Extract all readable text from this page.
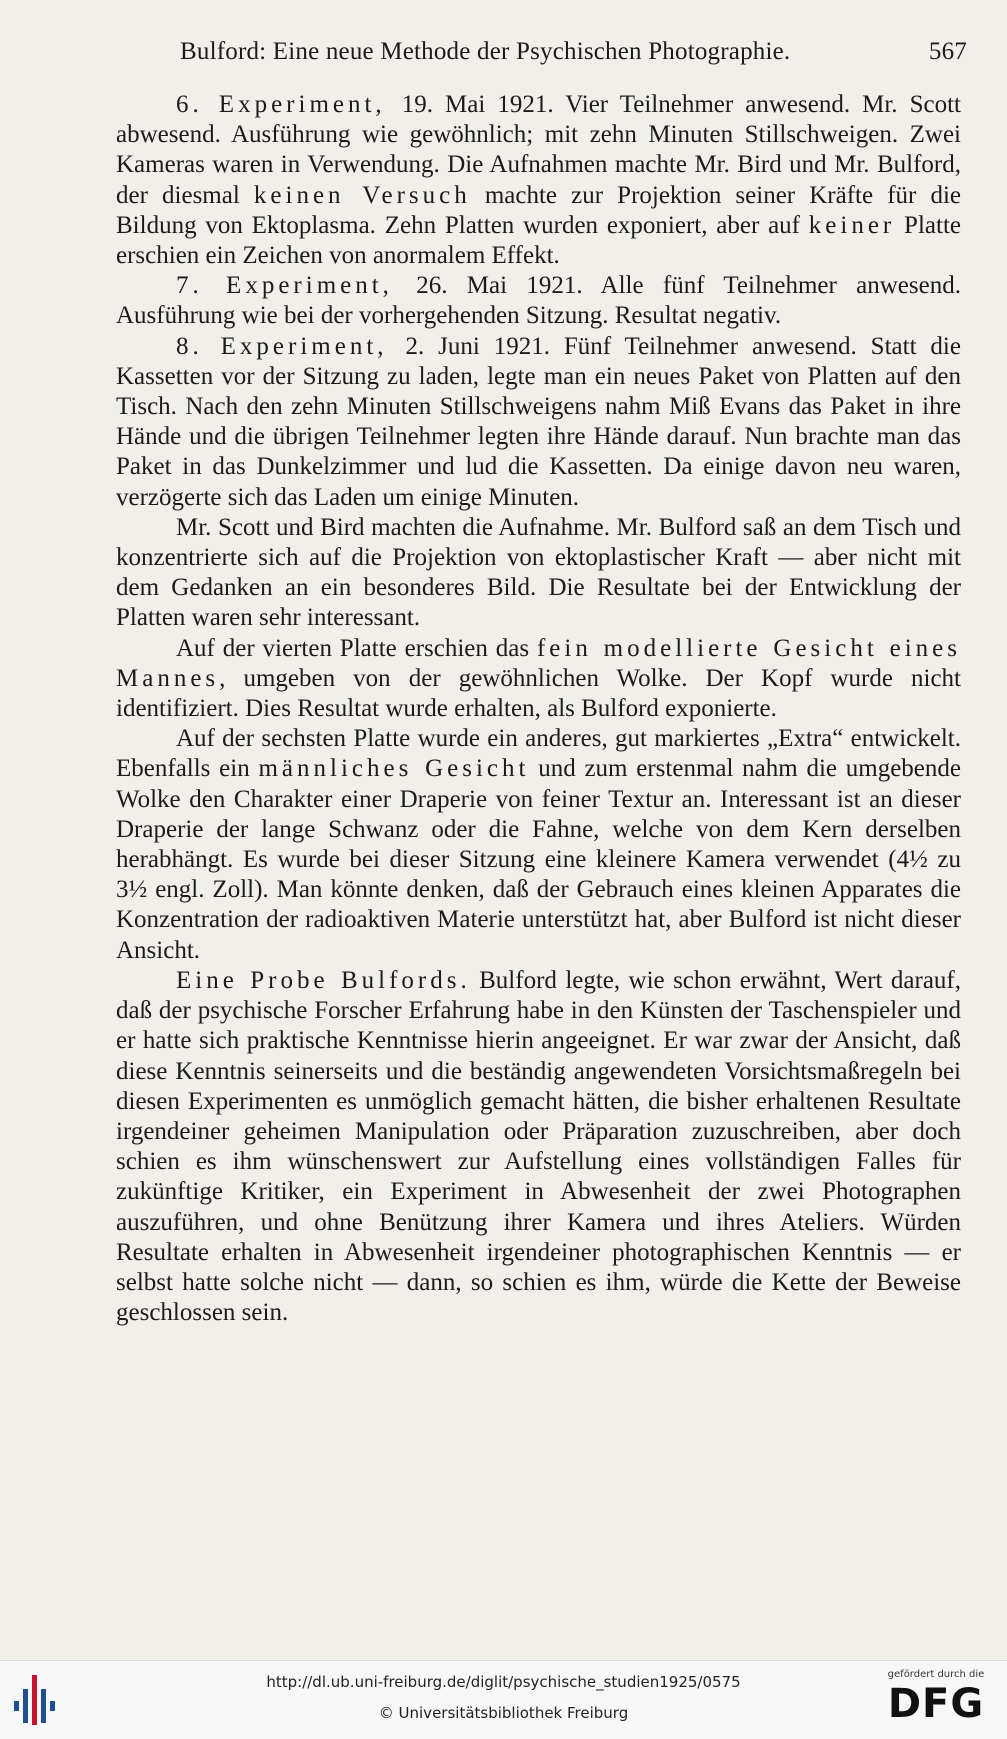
Bulford: Eine neue Methode der Psychischen Photographie.	567

6. Experiment, 19. Mai 1921. Vier Teilnehmer anwesend. Mr. Scott abwesend. Ausführung wie gewöhnlich; mit zehn Minuten Stillschweigen. Zwei Kameras waren in Verwendung. Die Aufnahmen machte Mr. Bird und Mr. Bulford, der diesmal keinen Versuch machte zur Projektion seiner Kräfte für die Bildung von Ektoplasma. Zehn Platten wurden exponiert, aber auf keiner Platte erschien ein Zeichen von anormalem Effekt.

7. Experiment, 26. Mai 1921. Alle fünf Teilnehmer anwesend. Ausführung wie bei der vorhergehenden Sitzung. Resultat negativ.

8. Experiment, 2. Juni 1921. Fünf Teilnehmer anwesend. Statt die Kassetten vor der Sitzung zu laden, legte man ein neues Paket von Platten auf den Tisch. Nach den zehn Minuten Stillschweigens nahm Miß Evans das Paket in ihre Hände und die übrigen Teilnehmer legten ihre Hände darauf. Nun brachte man das Paket in das Dunkelzimmer und lud die Kassetten. Da einige davon neu waren, verzögerte sich das Laden um einige Minuten.

Mr. Scott und Bird machten die Aufnahme. Mr. Bulford saß an dem Tisch und konzentrierte sich auf die Projektion von ektoplastischer Kraft — aber nicht mit dem Gedanken an ein besonderes Bild. Die Resultate bei der Entwicklung der Platten waren sehr interessant.

Auf der vierten Platte erschien das fein modellierte Gesicht eines Mannes, umgeben von der gewöhnlichen Wolke. Der Kopf wurde nicht identifiziert. Dies Resultat wurde erhalten, als Bulford exponierte.

Auf der sechsten Platte wurde ein anderes, gut markiertes „Extra“ entwickelt. Ebenfalls ein männliches Gesicht und zum erstenmal nahm die umgebende Wolke den Charakter einer Draperie von feiner Textur an. Interessant ist an dieser Draperie der lange Schwanz oder die Fahne, welche von dem Kern derselben herabhängt. Es wurde bei dieser Sitzung eine kleinere Kamera verwendet (4½ zu 3½ engl. Zoll). Man könnte denken, daß der Gebrauch eines kleinen Apparates die Konzentration der radioaktiven Materie unterstützt hat, aber Bulford ist nicht dieser Ansicht.

Eine Probe Bulfords. Bulford legte, wie schon erwähnt, Wert darauf, daß der psychische Forscher Erfahrung habe in den Künsten der Taschenspieler und er hatte sich praktische Kenntnisse hierin angeeignet. Er war zwar der Ansicht, daß diese Kenntnis seinerseits und die beständig angewendeten Vorsichtsmaßregeln bei diesen Experimenten es unmöglich gemacht hätten, die bisher erhaltenen Resultate irgendeiner geheimen Manipulation oder Präparation zuzuschreiben, aber doch schien es ihm wünschenswert zur Aufstellung eines vollständigen Falles für zukünftige Kritiker, ein Experiment in Abwesenheit der zwei Photographen auszuführen, und ohne Benützung ihrer Kamera und ihres Ateliers. Würden Resultate erhalten in Abwesenheit irgendeiner photographischen Kenntnis — er selbst hatte solche nicht — dann, so schien es ihm, würde die Kette der Beweise geschlossen sein.

http://dl.ub.uni-freiburg.de/diglit/psychische_studien1925/0575
© Universitätsbibliothek Freiburg
gefördert durch die
DFG
